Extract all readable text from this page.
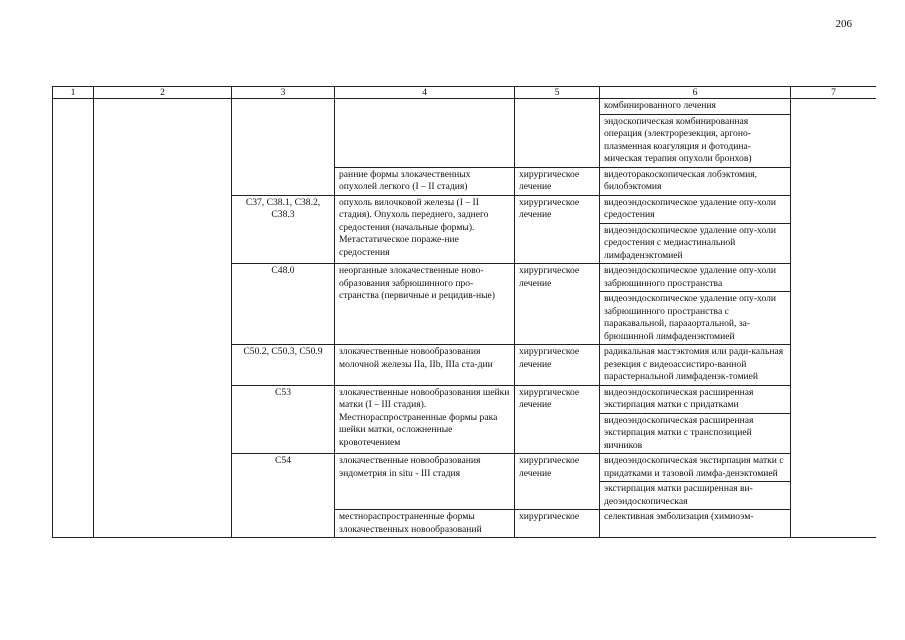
206
1	2	3	4	5	6	7
					комбинированного лечения	
					эндоскопическая комбинированная операция (электрорезекция, аргоно-плазменная коагуляция и фотодина-мическая терапия опухоли бронхов)	
			ранние формы злокачественных опухолей легкого (I – II стадия)	хирургическое лечение	видеоторакоскопическая лобэктомия, билобэктомия	
		С37, С38.1, С38.2, С38.3	опухоль вилочковой железы (I – II стадия). Опухоль переднего, заднего средостения (начальные формы). Метастатическое пораже-ние средостения	хирургическое лечение	видеоэндоскопическое удаление опу-холи средостения	
					видеоэндоскопическое удаление опу-холи средостения с медиастинальной лимфаденэктомией	
		С48.0	неорганные злокачественные ново-образования забрюшинного про-странства (первичные и рецидив-ные)	хирургическое лечение	видеоэндоскопическое удаление опу-холи забрюшинного пространства	
					видеоэндоскопическое удаление опу-холи забрюшинного пространства с паракавальной, парааортальной, за-брюшинной лимфаденэктомией	
		С50.2, С50.3, С50.9	злокачественные новообразования молочной железы IIa, IIb, IIIa ста-дии	хирургическое лечение	радикальная мастэктомия или ради-кальная резекция с видеоассистиро-ванной парастернальной лимфаденэк-томией	
		С53	злокачественные новообразования шейки матки (I – III стадия). Местнораспространенные формы рака шейки матки, осложненные кровотечением	хирургическое лечение	видеоэндоскопическая расширенная экстирпация матки с придатками	
					видеоэндоскопическая расширенная экстирпация матки с транспозицией яичников	
		С54	злокачественные новообразования эндометрия in situ - III стадия	хирургическое лечение	видеоэндоскопическая экстирпация матки с придатками и тазовой лимфа-денэктомией	
					экстирпация матки расширенная ви-деоэндоскопическая	
			местнораспространенные формы злокачественных новообразований	хирургическое	селективная эмболизация (химиоэм-	
